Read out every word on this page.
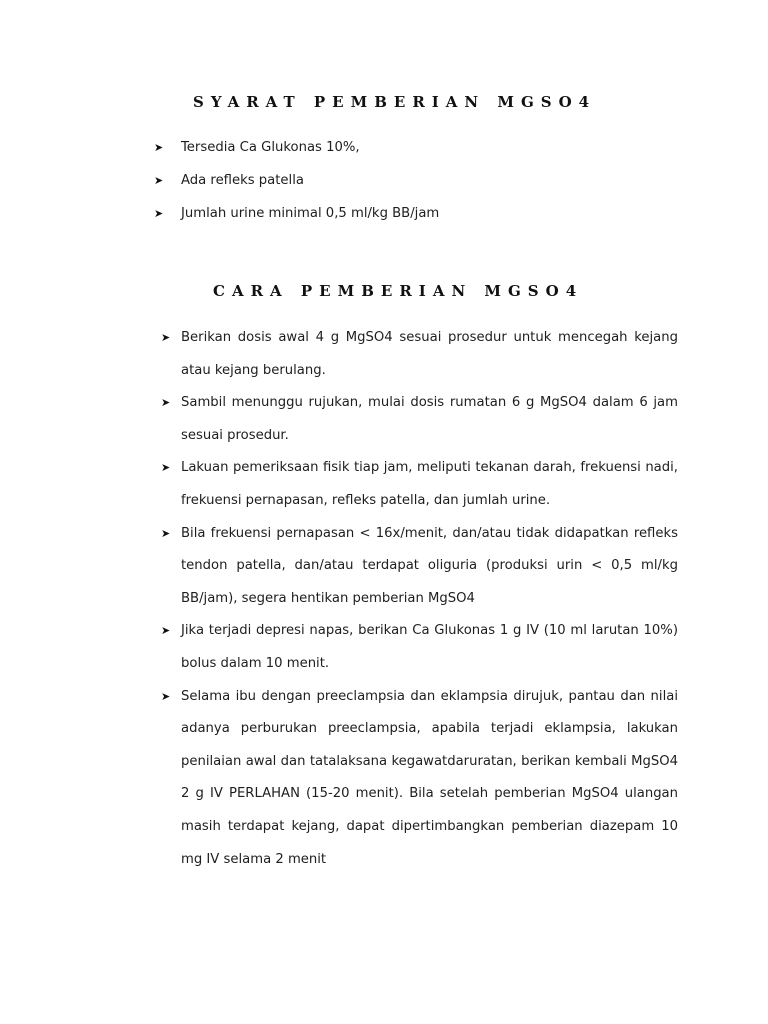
SYARAT PEMBERIAN MGSO4
➤ Tersedia Ca Glukonas 10%,
➤ Ada refleks patella
➤ Jumlah urine minimal 0,5 ml/kg BB/jam
CARA PEMBERIAN MGSO4
➤ Berikan dosis awal 4 g MgSO4 sesuai prosedur untuk mencegah kejang atau kejang berulang.
➤ Sambil menunggu rujukan, mulai dosis rumatan 6 g MgSO4 dalam 6 jam sesuai prosedur.
➤ Lakuan pemeriksaan fisik tiap jam, meliputi tekanan darah, frekuensi nadi, frekuensi pernapasan, refleks patella, dan jumlah urine.
➤ Bila frekuensi pernapasan < 16x/menit, dan/atau tidak didapatkan refleks tendon patella, dan/atau terdapat oliguria (produksi urin < 0,5 ml/kg BB/jam), segera hentikan pemberian MgSO4
➤ Jika terjadi depresi napas, berikan Ca Glukonas 1 g IV (10 ml larutan 10%) bolus dalam 10 menit.
➤ Selama ibu dengan preeclampsia dan eklampsia dirujuk, pantau dan nilai adanya perburukan preeclampsia, apabila terjadi eklampsia, lakukan penilaian awal dan tatalaksana kegawatdaruratan, berikan kembali MgSO4 2 g IV PERLAHAN (15-20 menit). Bila setelah pemberian MgSO4 ulangan masih terdapat kejang, dapat dipertimbangkan pemberian diazepam 10 mg IV selama 2 menit
